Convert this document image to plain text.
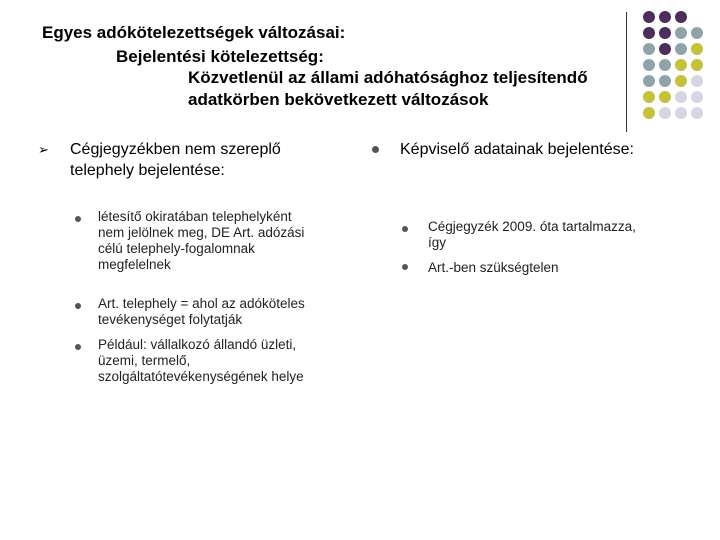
Egyes adókötelezettségek változásai:
Bejelentési kötelezettség:
Közvetlenül az állami adóhatósághoz teljesítendő
adatkörben bekövetkezett változások
➢ Cégjegyzékben nem szereplő
telephely bejelentése:
létesítő okiratában telephelyként
nem jelölnek meg, DE Art. adózási
célú telephely-fogalomnak
megfelelnek
Art. telephely = ahol az adóköteles
tevékenységet folytatják
Például: vállalkozó állandó üzleti,
üzemi, termelő,
szolgáltatótevékenységének helye
Képviselő adatainak bejelentése:
Cégjegyzék 2009. óta tartalmazza,
így
Art.-ben szükségtelen
